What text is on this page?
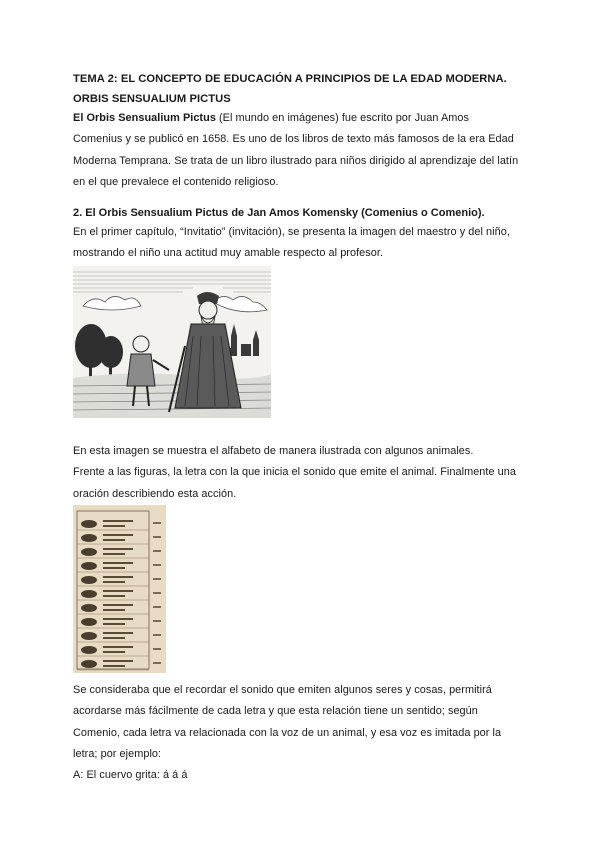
TEMA 2: EL CONCEPTO DE EDUCACIÓN A PRINCIPIOS DE LA EDAD MODERNA.
ORBIS SENSUALIUM PICTUS
El Orbis Sensualium Pictus (El mundo en imágenes) fue escrito por Juan Amos
Comenius y se publicó en 1658. Es uno de los libros de texto más famosos de la era Edad
Moderna Temprana. Se trata de un libro ilustrado para niños dirigido al aprendizaje del latín
en el que prevalece el contenido religioso.
2. El Orbis Sensualium Pictus de Jan Amos Komensky (Comenius o Comenio).
En el primer capítulo, “Invitatio” (invitación), se presenta la imagen del maestro y del niño,
mostrando el niño una actitud muy amable respecto al profesor.
En esta imagen se muestra el alfabeto de manera ilustrada con algunos animales.
Frente a las figuras, la letra con la que inicia el sonido que emite el animal. Finalmente una
oración describiendo esta acción.
Se consideraba que el recordar el sonido que emiten algunos seres y cosas, permitirá
acordarse más fácilmente de cada letra y que esta relación tiene un sentido; según
Comenio, cada letra va relacionada con la voz de un animal, y esa voz es imitada por la
letra; por ejemplo:
A: El cuervo grita: á á á
